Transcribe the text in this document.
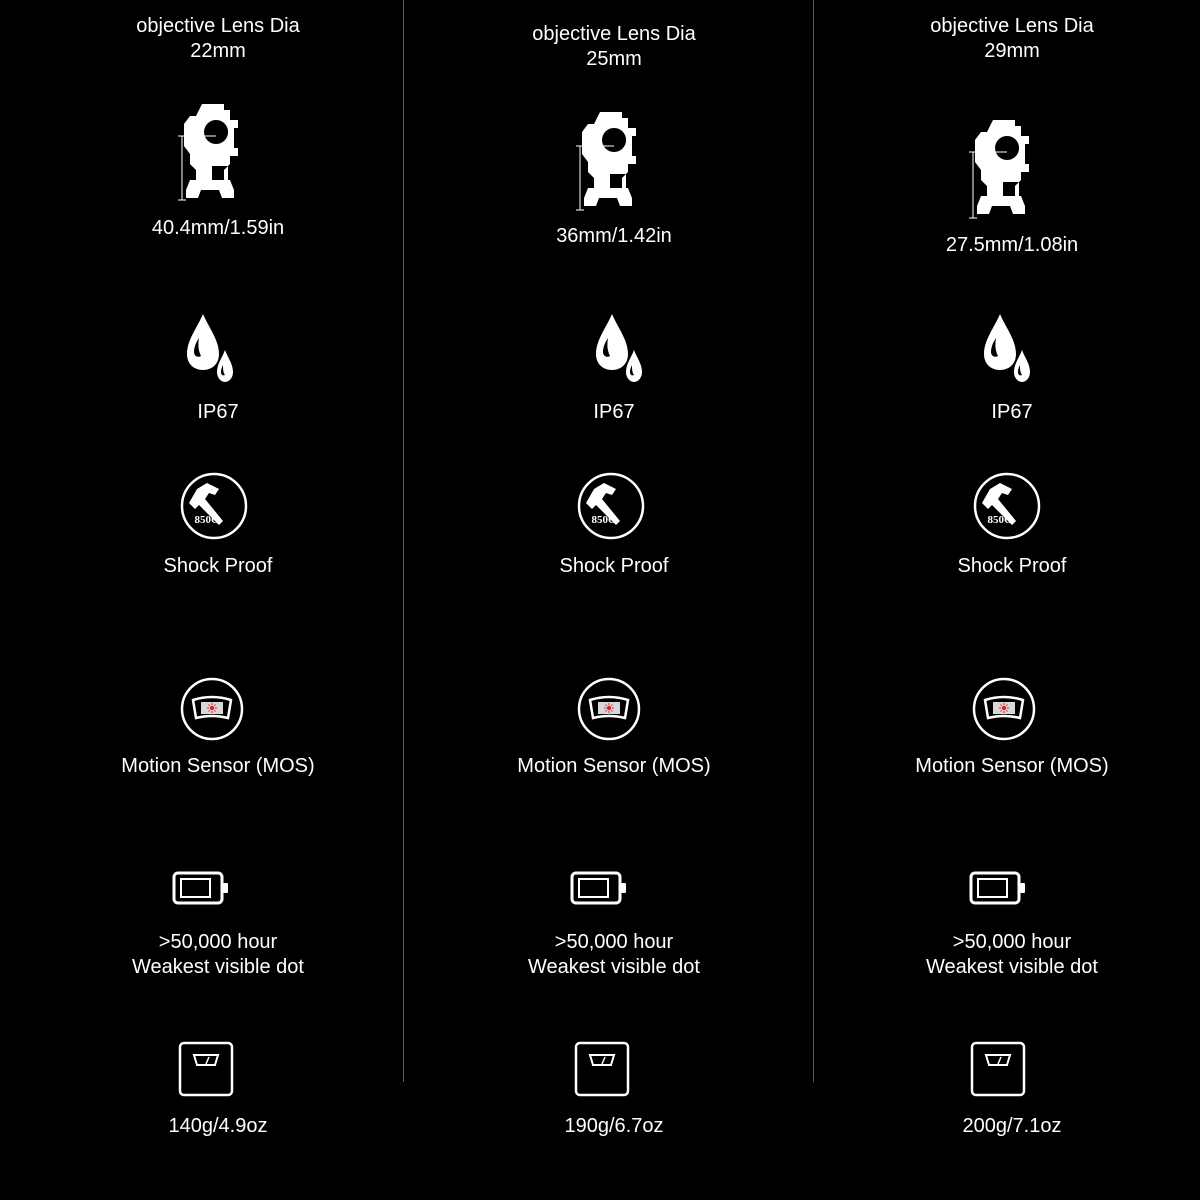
objective Lens Dia
22mm
40.4mm/1.59in
IP67
850G
Shock Proof
Motion Sensor (MOS)
>50,000 hour
Weakest visible dot
140g/4.9oz
objective Lens Dia
25mm
36mm/1.42in
IP67
850G
Shock Proof
Motion Sensor (MOS)
>50,000 hour
Weakest visible dot
190g/6.7oz
objective Lens Dia
29mm
27.5mm/1.08in
IP67
850G
Shock Proof
Motion Sensor (MOS)
>50,000 hour
Weakest visible dot
200g/7.1oz
